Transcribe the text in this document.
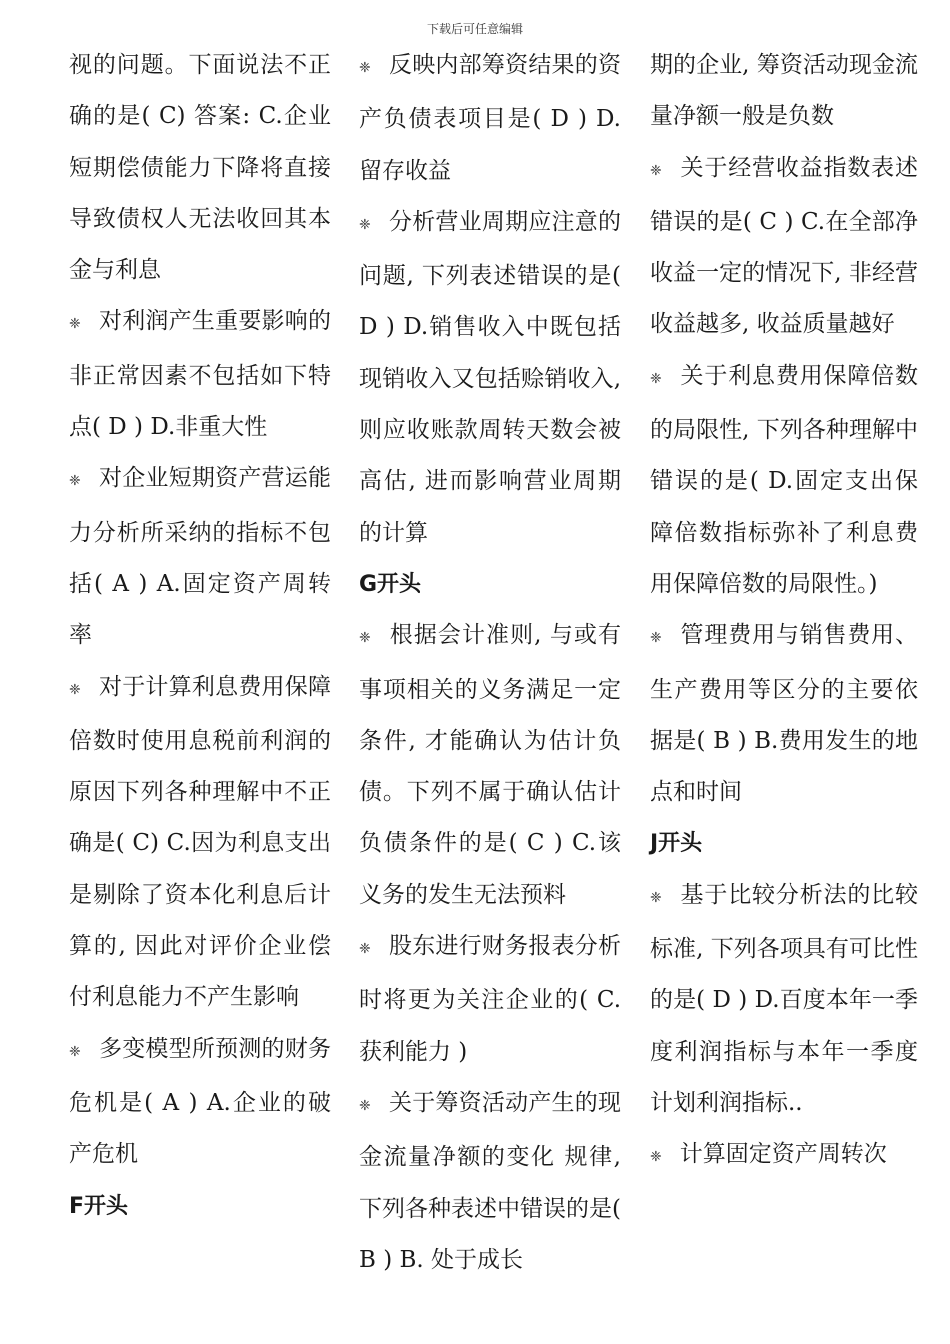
下载后可任意编辑

视的问题。下面说法不正确的是( C) 答案: C.企业短期偿债能力下降将直接导致债权人无法收回其本金与利息

❈ 对利润产生重要影响的非正常因素不包括如下特点( D ) D.非重大性

❈ 对企业短期资产营运能力分析所采纳的指标不包括( A ) A.固定资产周转率

❈ 对于计算利息费用保障倍数时使用息税前利润的原因下列各种理解中不正确是( C) C.因为利息支出是剔除了资本化利息后计算的, 因此对评价企业偿付利息能力不产生影响

❈ 多变模型所预测的财务危机是( A ) A.企业的破产危机

F开头

❈ 反映内部筹资结果的资产负债表项目是( D ) D.留存收益

❈ 分析营业周期应注意的问题, 下列表述错误的是( D ) D.销售收入中既包括现销收入又包括赊销收入, 则应收账款周转天数会被高估, 进而影响营业周期的计算

G开头

❈ 根据会计准则, 与或有事项相关的义务满足一定条件, 才能确认为估计负债。下列不属于确认估计负债条件的是( C ) C.该义务的发生无法预料

❈ 股东进行财务报表分析时将更为关注企业的( C. 获利能力 )

❈ 关于筹资活动产生的现金流量净额的变化 规律, 下列各种表述中错误的是( B ) B. 处于成长

期的企业, 筹资活动现金流量净额一般是负数

❈ 关于经营收益指数表述错误的是( C ) C.在全部净收益一定的情况下, 非经营收益越多, 收益质量越好

❈ 关于利息费用保障倍数的局限性, 下列各种理解中错误的是( D.固定支出保障倍数指标弥补了利息费用保障倍数的局限性。)

❈ 管理费用与销售费用、生产费用等区分的主要依据是( B ) B.费用发生的地点和时间

J开头

❈ 基于比较分析法的比较标准, 下列各项具有可比性的是( D ) D.百度本年一季度利润指标与本年一季度计划利润指标..

❈ 计算固定资产周转次
